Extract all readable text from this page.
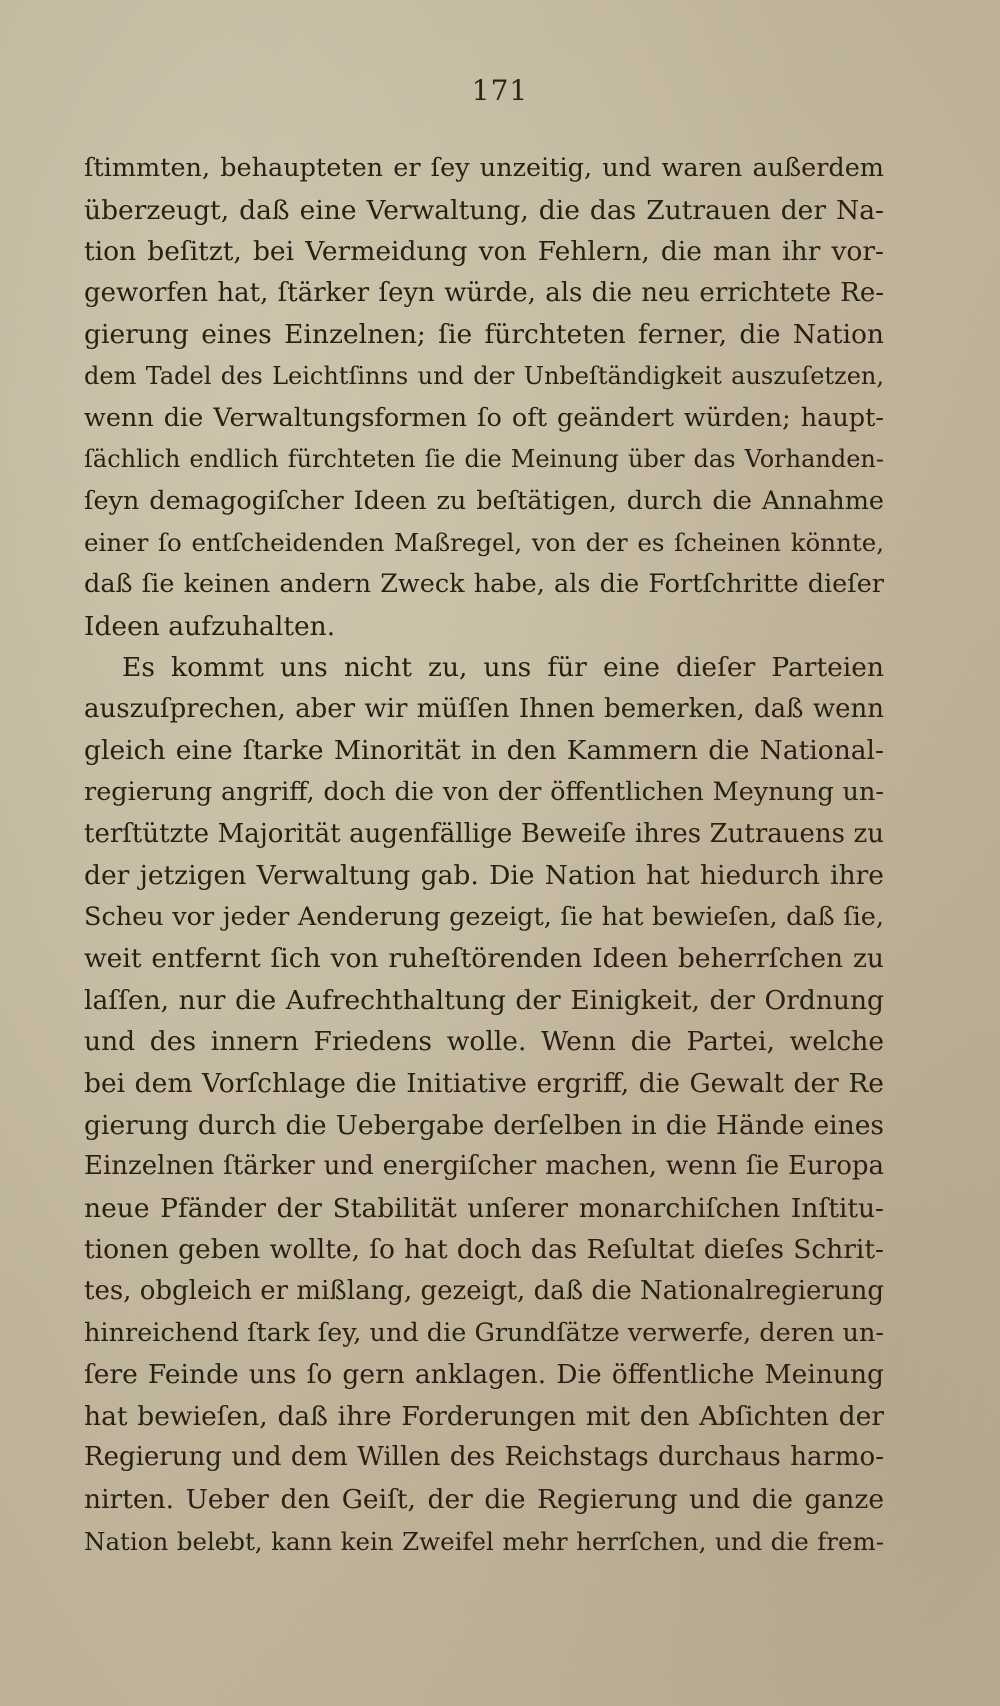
171
ſtimmten, behaupteten er ſey unzeitig, und waren außerdem
überzeugt, daß eine Verwaltung, die das Zutrauen der Na-
tion beſitzt, bei Vermeidung von Fehlern, die man ihr vor-
geworfen hat, ſtärker ſeyn würde, als die neu errichtete Re-
gierung eines Einzelnen; ſie fürchteten ferner, die Nation
dem Tadel des Leichtſinns und der Unbeſtändigkeit auszuſetzen,
wenn die Verwaltungsformen ſo oft geändert würden; haupt-
ſächlich endlich fürchteten ſie die Meinung über das Vorhanden-
ſeyn demagogiſcher Ideen zu beſtätigen, durch die Annahme
einer ſo entſcheidenden Maßregel, von der es ſcheinen könnte,
daß ſie keinen andern Zweck habe, als die Fortſchritte dieſer
Ideen aufzuhalten.
Es kommt uns nicht zu, uns für eine dieſer Parteien
auszuſprechen, aber wir müſſen Ihnen bemerken, daß wenn
gleich eine ſtarke Minorität in den Kammern die National-
regierung angriff, doch die von der öffentlichen Meynung un-
terſtützte Majorität augenfällige Beweiſe ihres Zutrauens zu
der jetzigen Verwaltung gab. Die Nation hat hiedurch ihre
Scheu vor jeder Aenderung gezeigt, ſie hat bewieſen, daß ſie,
weit entfernt ſich von ruheſtörenden Ideen beherrſchen zu
laſſen, nur die Aufrechthaltung der Einigkeit, der Ordnung
und des innern Friedens wolle. Wenn die Partei, welche
bei dem Vorſchlage die Initiative ergriff, die Gewalt der Re
gierung durch die Uebergabe derſelben in die Hände eines
Einzelnen ſtärker und energiſcher machen, wenn ſie Europa
neue Pfänder der Stabilität unſerer monarchiſchen Inſtitu-
tionen geben wollte, ſo hat doch das Reſultat dieſes Schrit-
tes, obgleich er mißlang, gezeigt, daß die Nationalregierung
hinreichend ſtark ſey, und die Grundſätze verwerfe, deren un-
ſere Feinde uns ſo gern anklagen. Die öffentliche Meinung
hat bewieſen, daß ihre Forderungen mit den Abſichten der
Regierung und dem Willen des Reichstags durchaus harmo-
nirten. Ueber den Geiſt, der die Regierung und die ganze
Nation belebt, kann kein Zweifel mehr herrſchen, und die frem-
